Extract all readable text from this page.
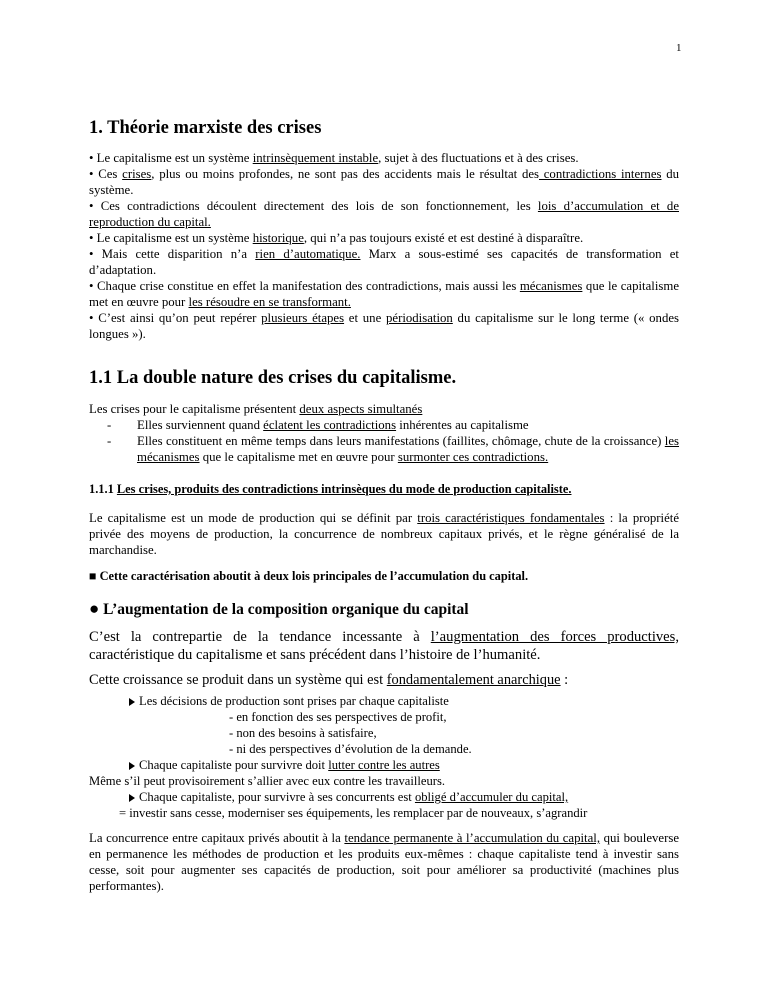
1
1. Théorie marxiste des crises

• Le capitalisme est un système intrinsèquement instable, sujet à des fluctuations et à des crises.

• Ces crises, plus ou moins profondes, ne sont pas des accidents mais le résultat des contradictions internes du système.

• Ces contradictions découlent directement des lois de son fonctionnement, les lois d’accumulation et de reproduction du capital.

• Le capitalisme est un système historique, qui n’a pas toujours existé et est destiné à disparaître.

• Mais cette disparition n’a rien d’automatique. Marx a sous-estimé ses capacités de transformation et d’adaptation.

• Chaque crise constitue en effet la manifestation des contradictions, mais aussi les mécanismes que le capitalisme met en œuvre pour les résoudre en se transformant.

• C’est ainsi qu’on peut repérer plusieurs étapes et une périodisation du capitalisme sur le long terme (« ondes longues »).

1.1 La double nature des crises du capitalisme.

Les crises pour le capitalisme présentent deux aspects simultanés

- Elles surviennent quand éclatent les contradictions inhérentes au capitalisme

- Elles constituent en même temps dans leurs manifestations (faillites, chômage, chute de la croissance) les mécanismes que le capitalisme met en œuvre pour surmonter ces contradictions.

1.1.1 Les crises, produits des contradictions intrinsèques du mode de production capitaliste.

Le capitalisme est un mode de production qui se définit par trois caractéristiques fondamentales : la propriété privée des moyens de production, la concurrence de nombreux capitaux privés, et le règne généralisé de la marchandise.

■ Cette caractérisation aboutit à deux lois principales de l’accumulation du capital.
● L’augmentation de la composition organique du capital

C’est la contrepartie de la tendance incessante à l’augmentation des forces productives, caractéristique du capitalisme et sans précédent dans l’histoire de l’humanité.

Cette croissance se produit dans un système qui est fondamentalement anarchique :

Les décisions de production sont prises par chaque capitaliste

- en fonction des ses perspectives de profit,

- non des besoins à satisfaire,

- ni des perspectives d’évolution de la demande.

Chaque capitaliste pour survivre doit lutter contre les autres

Même s’il peut provisoirement s’allier avec eux contre les travailleurs.

Chaque capitaliste, pour survivre à ses concurrents est obligé d’accumuler du capital,

= investir sans cesse, moderniser ses équipements, les remplacer par de nouveaux, s’agrandir

La concurrence entre capitaux privés aboutit à la tendance permanente à l’accumulation du capital, qui bouleverse en permanence les méthodes de production et les produits eux-mêmes : chaque capitaliste tend à investir sans cesse, soit pour augmenter ses capacités de production, soit pour améliorer sa productivité (machines plus performantes).
